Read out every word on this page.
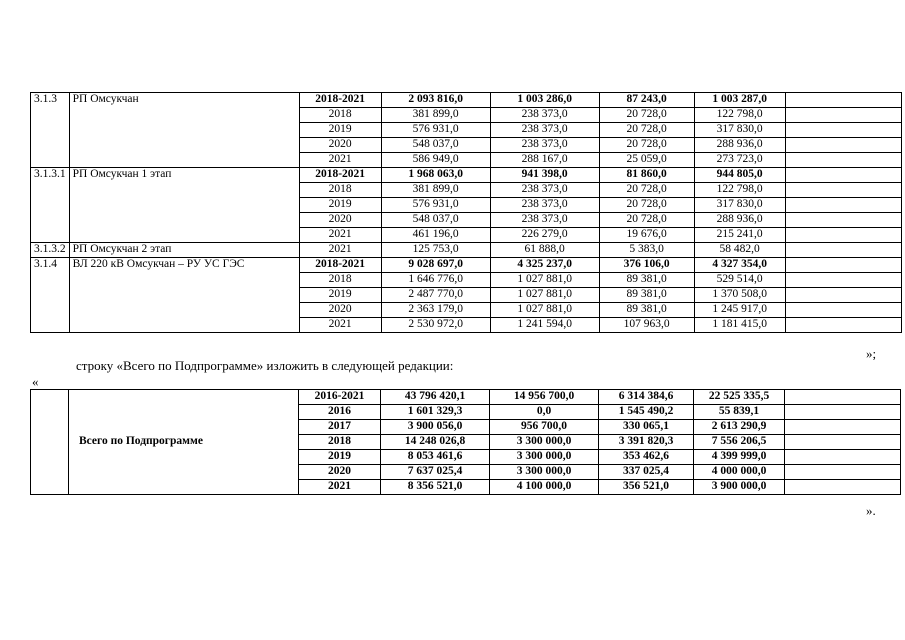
3.1.3	РП Омсукчан	2018-2021	2 093 816,0	1 003 286,0	87 243,0	1 003 287,0	
		2018	381 899,0	238 373,0	20 728,0	122 798,0	
		2019	576 931,0	238 373,0	20 728,0	317 830,0	
		2020	548 037,0	238 373,0	20 728,0	288 936,0	
		2021	586 949,0	288 167,0	25 059,0	273 723,0	
3.1.3.1	РП Омсукчан 1 этап	2018-2021	1 968 063,0	941 398,0	81 860,0	944 805,0	
		2018	381 899,0	238 373,0	20 728,0	122 798,0	
		2019	576 931,0	238 373,0	20 728,0	317 830,0	
		2020	548 037,0	238 373,0	20 728,0	288 936,0	
		2021	461 196,0	226 279,0	19 676,0	215 241,0	
3.1.3.2	РП Омсукчан 2 этап	2021	125 753,0	61 888,0	5 383,0	58 482,0	
3.1.4	ВЛ 220 кВ Омсукчан – РУ УС ГЭС	2018-2021	9 028 697,0	4 325 237,0	376 106,0	4 327 354,0	
		2018	1 646 776,0	1 027 881,0	89 381,0	529 514,0	
		2019	2 487 770,0	1 027 881,0	89 381,0	1 370 508,0	
		2020	2 363 179,0	1 027 881,0	89 381,0	1 245 917,0	
		2021	2 530 972,0	1 241 594,0	107 963,0	1 181 415,0	
»;
строку «Всего по Подпрограмме» изложить в следующей редакции:
«
	Всего по Подпрограмме	2016-2021	43 796 420,1	14 956 700,0	6 314 384,6	22 525 335,5	
		2016	1 601 329,3	0,0	1 545 490,2	55 839,1	
		2017	3 900 056,0	956 700,0	330 065,1	2 613 290,9	
		2018	14 248 026,8	3 300 000,0	3 391 820,3	7 556 206,5	
		2019	8 053 461,6	3 300 000,0	353 462,6	4 399 999,0	
		2020	7 637 025,4	3 300 000,0	337 025,4	4 000 000,0	
		2021	8 356 521,0	4 100 000,0	356 521,0	3 900 000,0	
».
